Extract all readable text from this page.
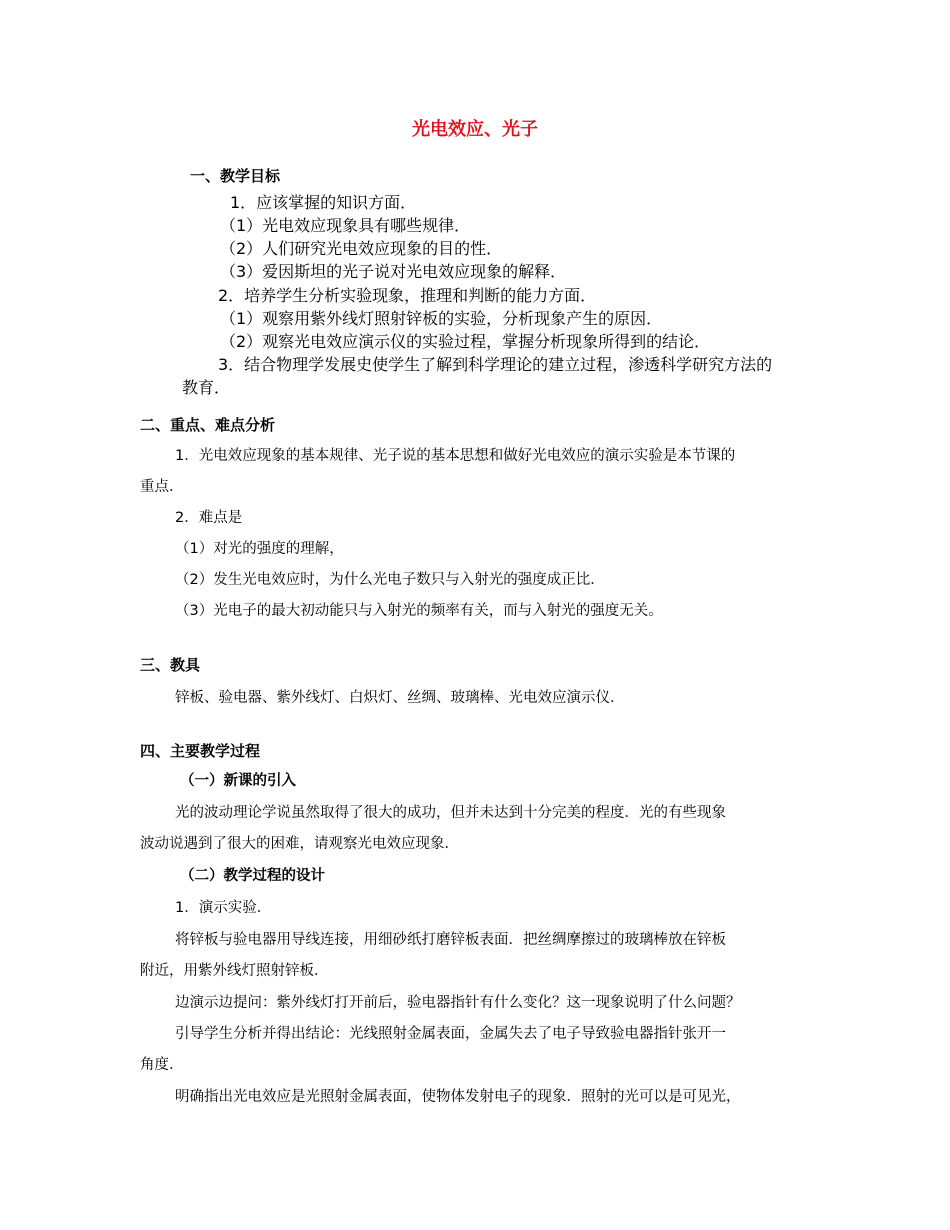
光电效应、光子
一、教学目标
1．应该掌握的知识方面．
（1）光电效应现象具有哪些规律．
（2）人们研究光电效应现象的目的性．
（3）爱因斯坦的光子说对光电效应现象的解释．
2．培养学生分析实验现象，推理和判断的能力方面．
（1）观察用紫外线灯照射锌板的实验，分析现象产生的原因．
（2）观察光电效应演示仪的实验过程，掌握分析现象所得到的结论．
3．结合物理学发展史使学生了解到科学理论的建立过程，渗透科学研究方法的
教育．
二、重点、难点分析
1．光电效应现象的基本规律、光子说的基本思想和做好光电效应的演示实验是本节课的
重点．
2．难点是
（1）对光的强度的理解，
（2）发生光电效应时，为什么光电子数只与入射光的强度成正比．
（3）光电子的最大初动能只与入射光的频率有关，而与入射光的强度无关。
三、教具
锌板、验电器、紫外线灯、白炽灯、丝绸、玻璃棒、光电效应演示仪．
四、主要教学过程
（一）新课的引入
光的波动理论学说虽然取得了很大的成功，但并未达到十分完美的程度．光的有些现象
波动说遇到了很大的困难，请观察光电效应现象．
（二）教学过程的设计
1．演示实验．
将锌板与验电器用导线连接，用细砂纸打磨锌板表面．把丝绸摩擦过的玻璃棒放在锌板
附近，用紫外线灯照射锌板．
边演示边提问：紫外线灯打开前后，验电器指针有什么变化？这一现象说明了什么问题？
引导学生分析并得出结论：光线照射金属表面，金属失去了电子导致验电器指针张开一
角度．
明确指出光电效应是光照射金属表面，使物体发射电子的现象．照射的光可以是可见光，
